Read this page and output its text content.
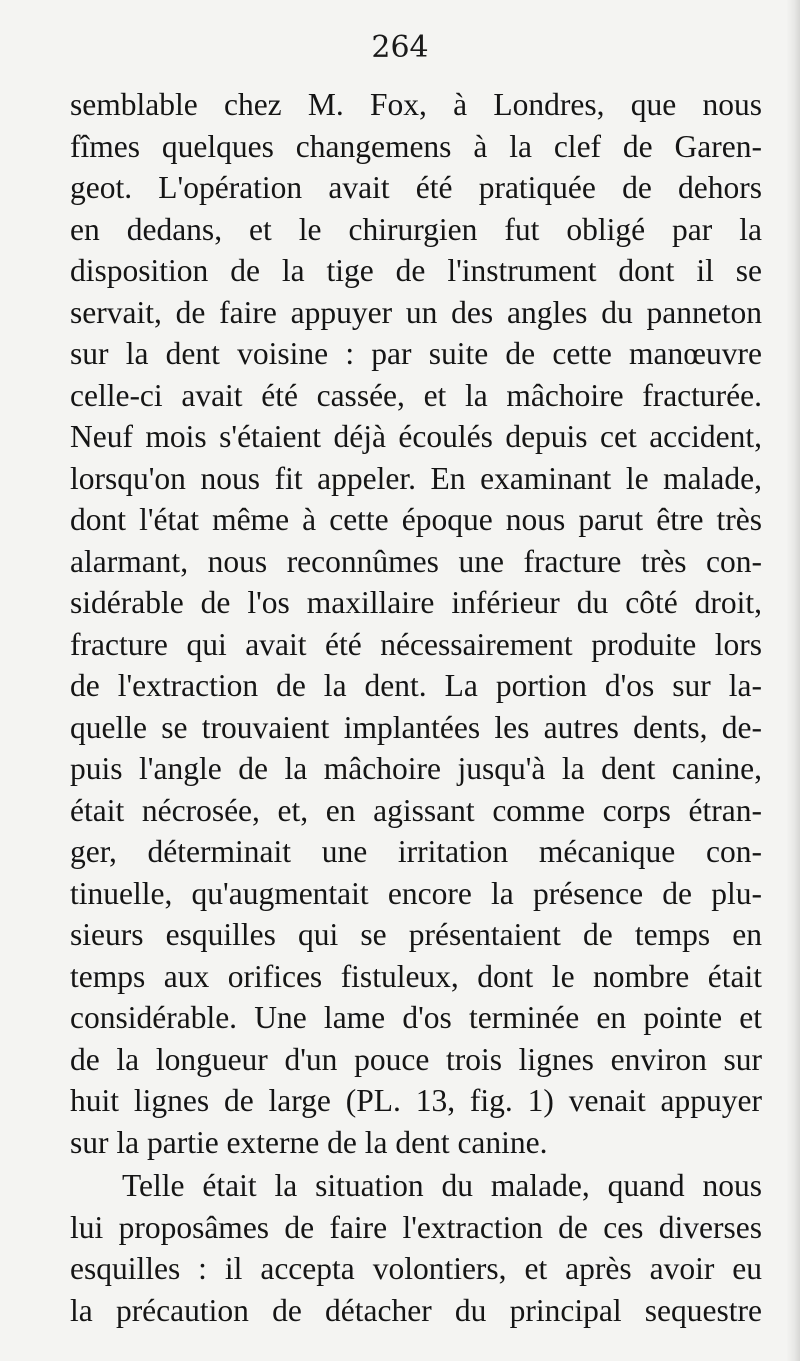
264
semblable chez M. Fox, à Londres, que nous
fîmes quelques changemens à la clef de Garen-
geot. L'opération avait été pratiquée de dehors
en dedans, et le chirurgien fut obligé par la
disposition de la tige de l'instrument dont il se
servait, de faire appuyer un des angles du panneton
sur la dent voisine : par suite de cette manœuvre
celle-ci avait été cassée, et la mâchoire fracturée.
Neuf mois s'étaient déjà écoulés depuis cet accident,
lorsqu'on nous fit appeler. En examinant le malade,
dont l'état même à cette époque nous parut être très
alarmant, nous reconnûmes une fracture très con-
sidérable de l'os maxillaire inférieur du côté droit,
fracture qui avait été nécessairement produite lors
de l'extraction de la dent. La portion d'os sur la-
quelle se trouvaient implantées les autres dents, de-
puis l'angle de la mâchoire jusqu'à la dent canine,
était nécrosée, et, en agissant comme corps étran-
ger, déterminait une irritation mécanique con-
tinuelle, qu'augmentait encore la présence de plu-
sieurs esquilles qui se présentaient de temps en
temps aux orifices fistuleux, dont le nombre était
considérable. Une lame d'os terminée en pointe et
de la longueur d'un pouce trois lignes environ sur
huit lignes de large (PL. 13, fig. 1) venait appuyer
sur la partie externe de la dent canine.
Telle était la situation du malade, quand nous
lui proposâmes de faire l'extraction de ces diverses
esquilles : il accepta volontiers, et après avoir eu
la précaution de détacher du principal sequestre
